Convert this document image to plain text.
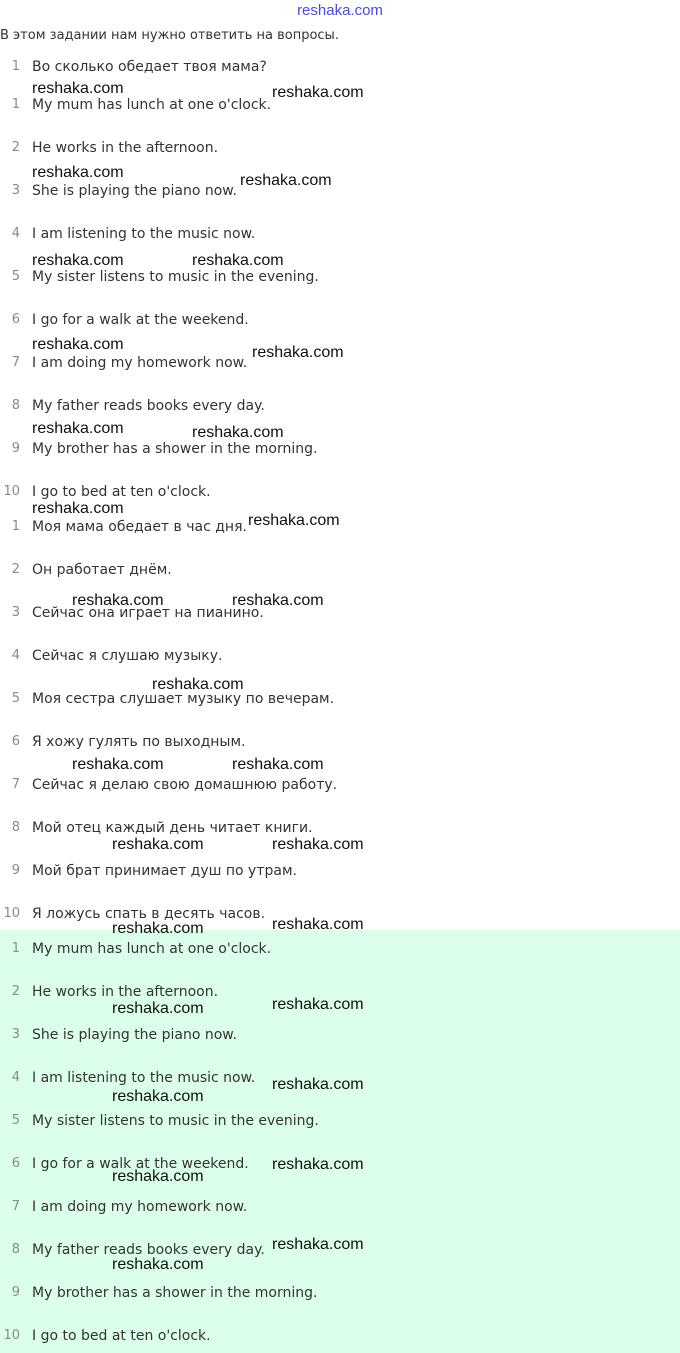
reshaka.com
В этом задании нам нужно ответить на вопросы.
1 Во сколько обедает твоя мама?
1 My mum has lunch at one o'clock.
2 He works in the afternoon.
3 She is playing the piano now.
4 I am listening to the music now.
5 My sister listens to music in the evening.
6 I go for a walk at the weekend.
7 I am doing my homework now.
8 My father reads books every day.
9 My brother has a shower in the morning.
10 I go to bed at ten o'clock.
1 Моя мама обедает в час дня.
2 Он работает днём.
3 Сейчас она играет на пианино.
4 Сейчас я слушаю музыку.
5 Моя сестра слушает музыку по вечерам.
6 Я хожу гулять по выходным.
7 Сейчас я делаю свою домашнюю работу.
8 Мой отец каждый день читает книги.
9 Мой брат принимает душ по утрам.
10 Я ложусь спать в десять часов.
1 My mum has lunch at one o'clock.
2 He works in the afternoon.
3 She is playing the piano now.
4 I am listening to the music now.
5 My sister listens to music in the evening.
6 I go for a walk at the weekend.
7 I am doing my homework now.
8 My father reads books every day.
9 My brother has a shower in the morning.
10 I go to bed at ten o'clock.
reshaka.com	reshaka.com
reshaka.com	reshaka.com
reshaka.com	reshaka.com
reshaka.com	reshaka.com
reshaka.com	reshaka.com
reshaka.com
reshaka.com
reshaka.com	reshaka.com
reshaka.com
reshaka.com	reshaka.com
reshaka.com	reshaka.com
reshaka.com	reshaka.com
reshaka.com	reshaka.com
reshaka.com
reshaka.com
reshaka.com
reshaka.com
reshaka.com
reshaka.com
